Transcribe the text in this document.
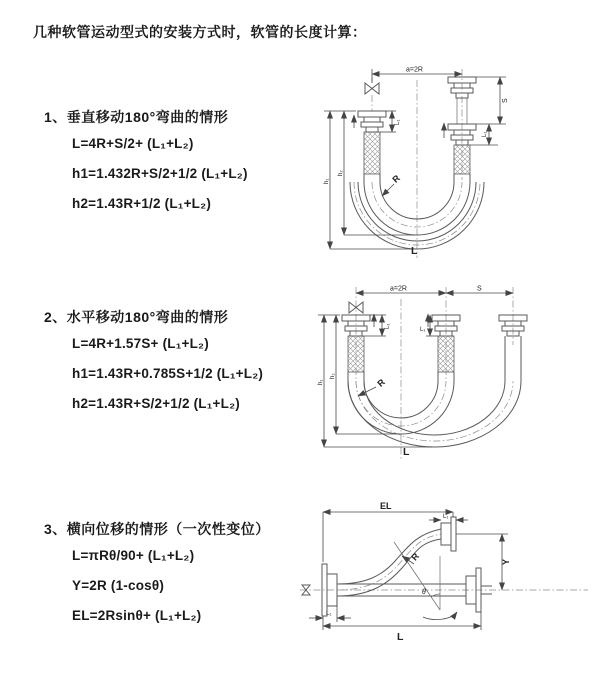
几种软管运动型式的安装方式时，软管的长度计算：
1、垂直移动180°弯曲的情形
L=4R+S/2+ (L₁+L₂)
h1=1.432R+S/2+1/2 (L₁+L₂)
h2=1.43R+1/2 (L₁+L₂)
2、水平移动180°弯曲的情形
L=4R+1.57S+ (L₁+L₂)
h1=1.43R+0.785S+1/2 (L₁+L₂)
h2=1.43R+S/2+1/2 (L₁+L₂)
3、横向位移的情形（一次性变位）
L=πRθ/90+ (L₁+L₂)
Y=2R (1-cosθ)
EL=2Rsinθ+ (L₁+L₂)
a=2R
S
L₁
L₁
h₂
h₁	R
L
a=2R	S
L₁
L₁
h₂
h₁	R
L
θ
EL
L₁
Y
R
L₁
L
